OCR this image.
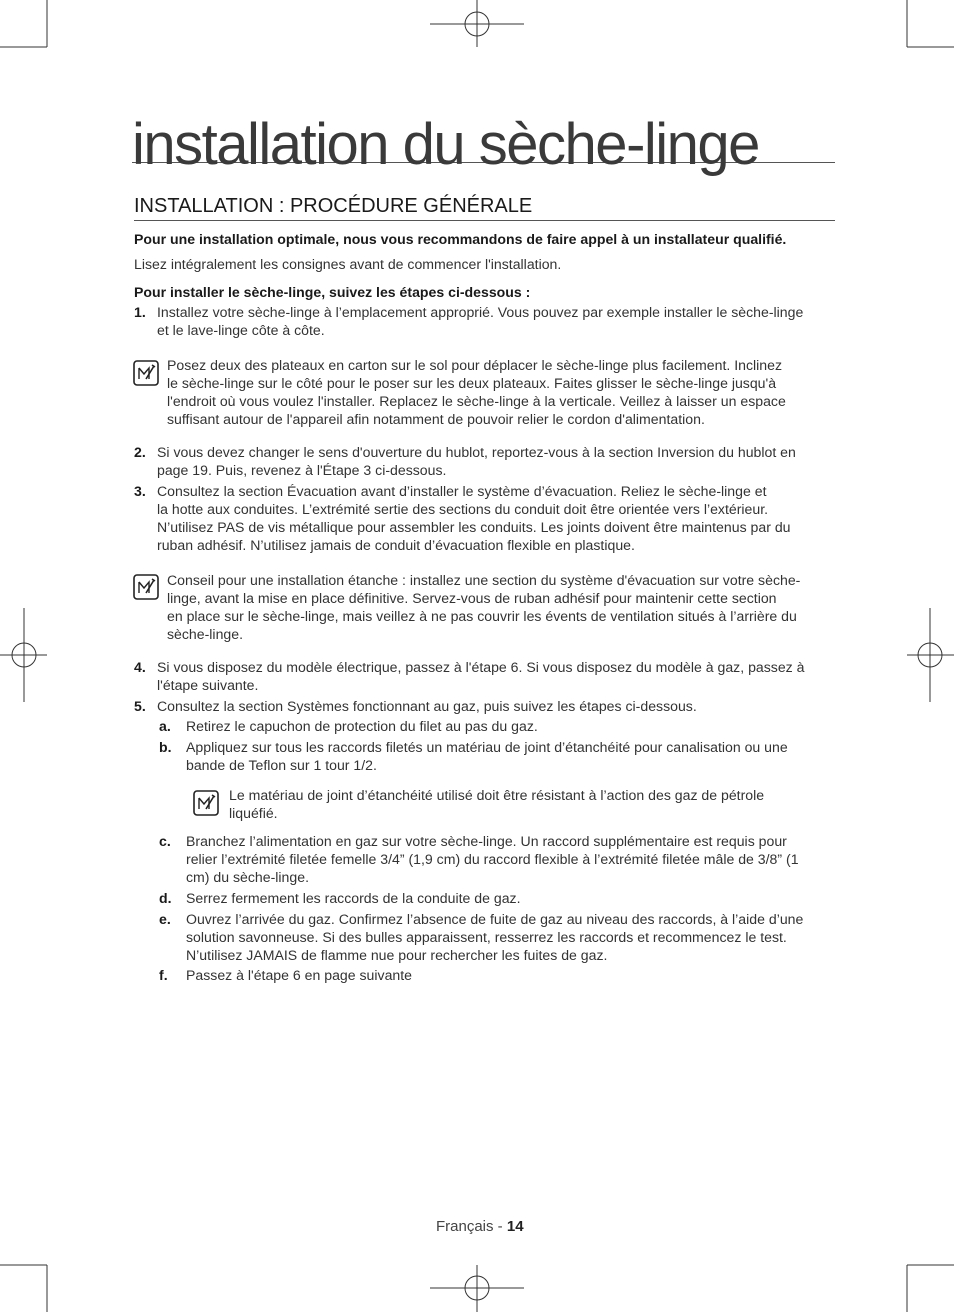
installation du sèche-linge
INSTALLATION : PROCÉDURE GÉNÉRALE
Pour une installation optimale, nous vous recommandons de faire appel à un installateur qualifié.
Lisez intégralement les consignes avant de commencer l'installation.
Pour installer le sèche-linge, suivez les étapes ci-dessous :
1. Installez votre sèche-linge à l’emplacement approprié. Vous pouvez par exemple installer le sèche-linge
et le lave-linge côte à côte.
Posez deux des plateaux en carton sur le sol pour déplacer le sèche-linge plus facilement. Inclinez
le sèche-linge sur le côté pour le poser sur les deux plateaux. Faites glisser le sèche-linge jusqu'à
l'endroit où vous voulez l'installer. Replacez le sèche-linge à la verticale. Veillez à laisser un espace
suffisant autour de l'appareil afin notamment de pouvoir relier le cordon d'alimentation.
2. Si vous devez changer le sens d'ouverture du hublot, reportez-vous à la section Inversion du hublot en
page 19. Puis, revenez à l'Étape 3 ci-dessous.
3. Consultez la section Évacuation avant d’installer le système d’évacuation. Reliez le sèche-linge et
la hotte aux conduites. L’extrémité sertie des sections du conduit doit être orientée vers l’extérieur.
N’utilisez PAS de vis métallique pour assembler les conduits. Les joints doivent être maintenus par du
ruban adhésif. N’utilisez jamais de conduit d’évacuation flexible en plastique.
Conseil pour une installation étanche : installez une section du système d'évacuation sur votre sèche-
linge, avant la mise en place définitive. Servez-vous de ruban adhésif pour maintenir cette section
en place sur le sèche-linge, mais veillez à ne pas couvrir les évents de ventilation situés à l’arrière du
sèche-linge.
4. Si vous disposez du modèle électrique, passez à l'étape 6. Si vous disposez du modèle à gaz, passez à
l'étape suivante.
5. Consultez la section Systèmes fonctionnant au gaz, puis suivez les étapes ci-dessous.
a. Retirez le capuchon de protection du filet au pas du gaz.
b. Appliquez sur tous les raccords filetés un matériau de joint d’étanchéité pour canalisation ou une
bande de Teflon sur 1 tour 1/2.
Le matériau de joint d’étanchéité utilisé doit être résistant à l’action des gaz de pétrole
liquéfié.
c. Branchez l’alimentation en gaz sur votre sèche-linge. Un raccord supplémentaire est requis pour
relier l’extrémité filetée femelle 3/4” (1,9 cm) du raccord flexible à l’extrémité filetée mâle de 3/8” (1
cm) du sèche-linge.
d. Serrez fermement les raccords de la conduite de gaz.
e. Ouvrez l’arrivée du gaz. Confirmez l’absence de fuite de gaz au niveau des raccords, à l’aide d’une
solution savonneuse. Si des bulles apparaissent, resserrez les raccords et recommencez le test.
N’utilisez JAMAIS de flamme nue pour rechercher les fuites de gaz.
f. Passez à l'étape 6 en page suivante
Français - 14
